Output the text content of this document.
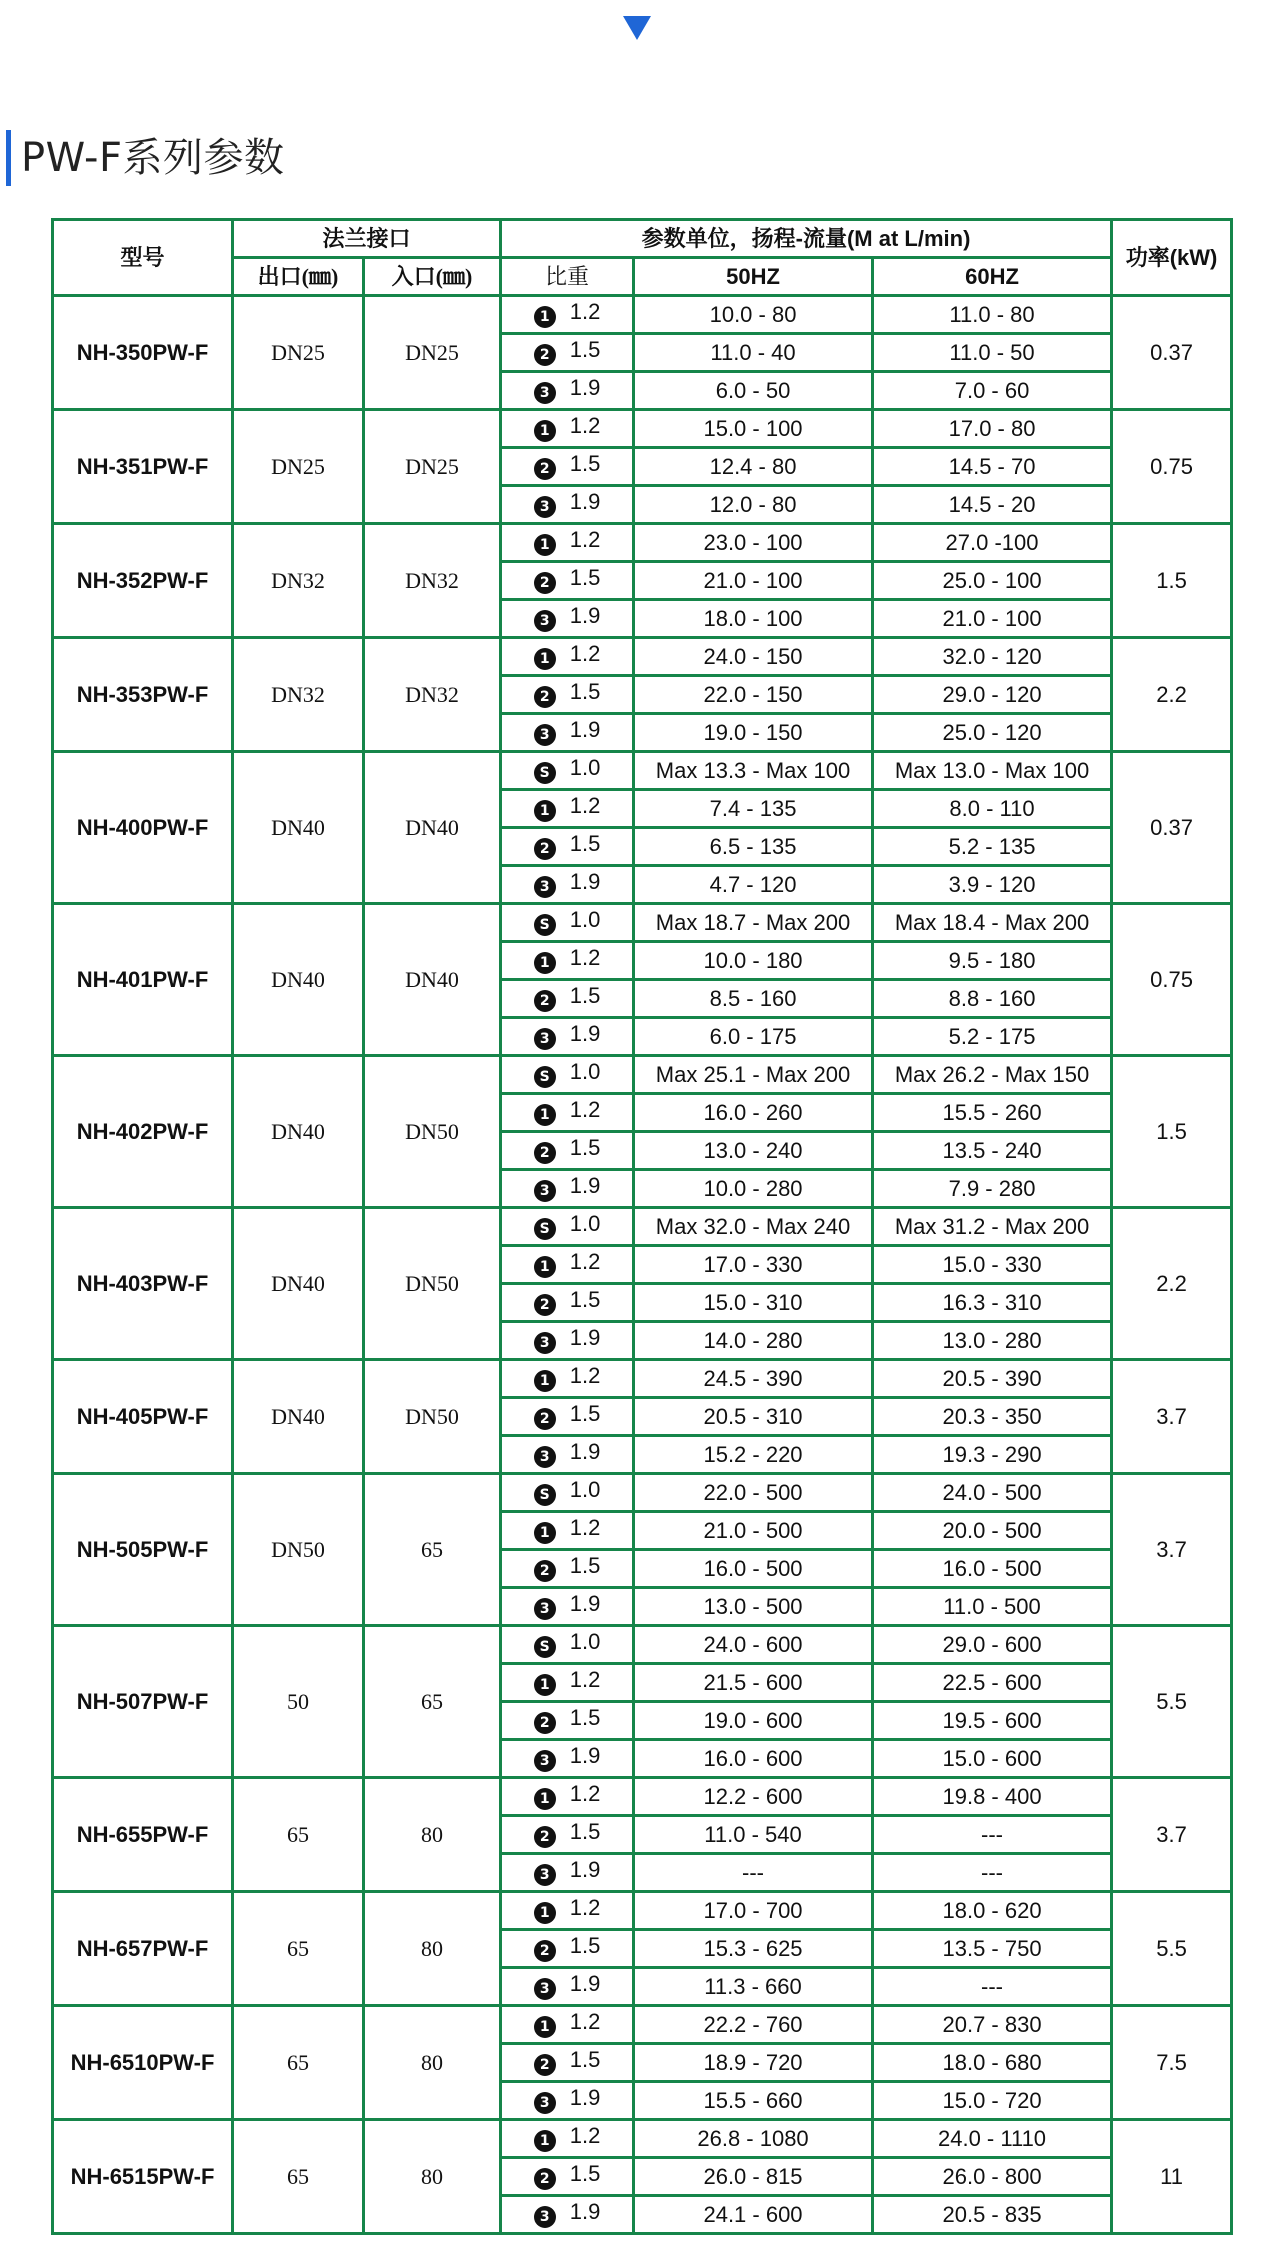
PW-F系列参数
型号	法兰接口		参数单位，扬程-流量(M at L/min)			功率(kW)
	出口(㎜)	入口(㎜)	比重	50HZ	60HZ	
NH-350PW-F	DN25	DN25	1 1.2	10.0 - 80	11.0 - 80	0.37
			2 1.5	11.0 - 40	11.0 - 50	
			3 1.9	6.0 - 50	7.0 - 60	
NH-351PW-F	DN25	DN25	1 1.2	15.0 - 100	17.0 - 80	0.75
			2 1.5	12.4 - 80	14.5 - 70	
			3 1.9	12.0 - 80	14.5 - 20	
NH-352PW-F	DN32	DN32	1 1.2	23.0 - 100	27.0 -100	1.5
			2 1.5	21.0 - 100	25.0 - 100	
			3 1.9	18.0 - 100	21.0 - 100	
NH-353PW-F	DN32	DN32	1 1.2	24.0 - 150	32.0 - 120	2.2
			2 1.5	22.0 - 150	29.0 - 120	
			3 1.9	19.0 - 150	25.0 - 120	
NH-400PW-F	DN40	DN40	S 1.0	Max 13.3 - Max 100	Max 13.0 - Max 100	0.37
			1 1.2	7.4 - 135	8.0 - 110	
			2 1.5	6.5 - 135	5.2 - 135	
			3 1.9	4.7 - 120	3.9 - 120	
NH-401PW-F	DN40	DN40	S 1.0	Max 18.7 - Max 200	Max 18.4 - Max 200	0.75
			1 1.2	10.0 - 180	9.5 - 180	
			2 1.5	8.5 - 160	8.8 - 160	
			3 1.9	6.0 - 175	5.2 - 175	
NH-402PW-F	DN40	DN50	S 1.0	Max 25.1 - Max 200	Max 26.2 - Max 150	1.5
			1 1.2	16.0 - 260	15.5 - 260	
			2 1.5	13.0 - 240	13.5 - 240	
			3 1.9	10.0 - 280	7.9 - 280	
NH-403PW-F	DN40	DN50	S 1.0	Max 32.0 - Max 240	Max 31.2 - Max 200	2.2
			1 1.2	17.0 - 330	15.0 - 330	
			2 1.5	15.0 - 310	16.3 - 310	
			3 1.9	14.0 - 280	13.0 - 280	
NH-405PW-F	DN40	DN50	1 1.2	24.5 - 390	20.5 - 390	3.7
			2 1.5	20.5 - 310	20.3 - 350	
			3 1.9	15.2 - 220	19.3 - 290	
NH-505PW-F	DN50	65	S 1.0	22.0 - 500	24.0 - 500	3.7
			1 1.2	21.0 - 500	20.0 - 500	
			2 1.5	16.0 - 500	16.0 - 500	
			3 1.9	13.0 - 500	11.0 - 500	
NH-507PW-F	50	65	S 1.0	24.0 - 600	29.0 - 600	5.5
			1 1.2	21.5 - 600	22.5 - 600	
			2 1.5	19.0 - 600	19.5 - 600	
			3 1.9	16.0 - 600	15.0 - 600	
NH-655PW-F	65	80	1 1.2	12.2 - 600	19.8 - 400	3.7
			2 1.5	11.0 - 540	---	
			3 1.9	---	---	
NH-657PW-F	65	80	1 1.2	17.0 - 700	18.0 - 620	5.5
			2 1.5	15.3 - 625	13.5 - 750	
			3 1.9	11.3 - 660	---	
NH-6510PW-F	65	80	1 1.2	22.2 - 760	20.7 - 830	7.5
			2 1.5	18.9 - 720	18.0 - 680	
			3 1.9	15.5 - 660	15.0 - 720	
NH-6515PW-F	65	80	1 1.2	26.8 - 1080	24.0 - 1110	11
			2 1.5	26.0 - 815	26.0 - 800	
			3 1.9	24.1 - 600	20.5 - 835	
